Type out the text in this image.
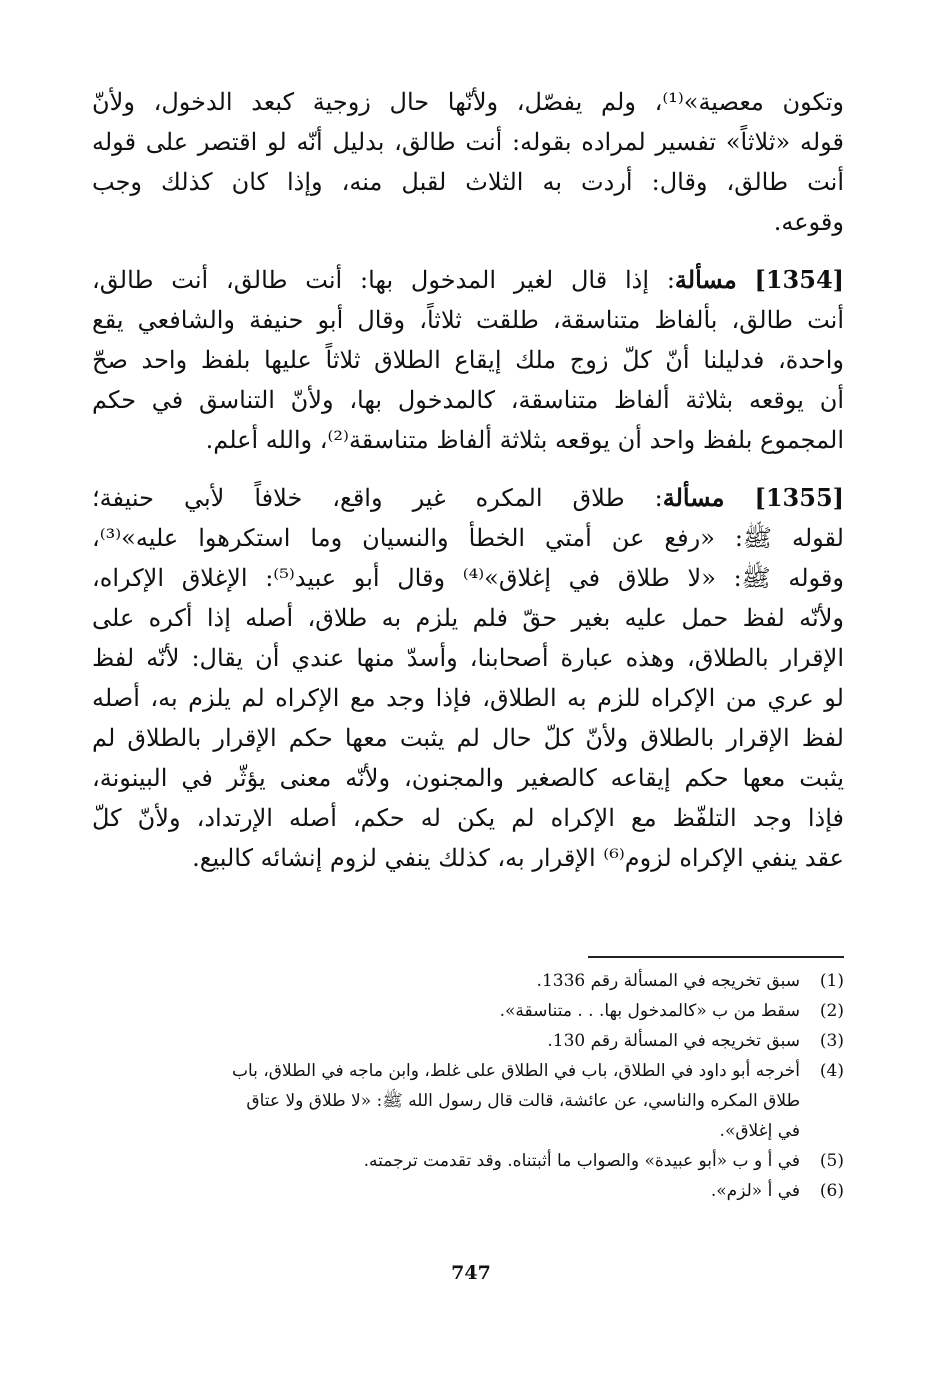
وتكون معصية»⁽¹⁾، ولم يفصّل، ولأنّها حال زوجية كبعد الدخول، ولأنّ
قوله «ثلاثاً» تفسير لمراده بقوله: أنت طالق، بدليل أنّه لو اقتصر على قوله
أنت طالق، وقال: أردت به الثلاث لقبل منه، وإذا كان كذلك وجب
وقوعه.

[1354] مسألة: إذا قال لغير المدخول بها: أنت طالق، أنت طالق،
أنت طالق، بألفاظ متناسقة، طلقت ثلاثاً، وقال أبو حنيفة والشافعي يقع
واحدة، فدليلنا أنّ كلّ زوج ملك إيقاع الطلاق ثلاثاً عليها بلفظ واحد صحّ
أن يوقعه بثلاثة ألفاظ متناسقة، كالمدخول بها، ولأنّ التناسق في حكم
المجموع بلفظ واحد أن يوقعه بثلاثة ألفاظ متناسقة⁽²⁾، والله أعلم.

[1355] مسألة: طلاق المكره غير واقع، خلافاً لأبي حنيفة؛
لقوله ﷺ: «رفع عن أمتي الخطأ والنسيان وما استكرهوا عليه»⁽³⁾،
وقوله ﷺ: «لا طلاق في إغلاق»⁽⁴⁾ وقال أبو عبيد⁽⁵⁾: الإغلاق الإكراه،
ولأنّه لفظ حمل عليه بغير حقّ فلم يلزم به طلاق، أصله إذا أكره على
الإقرار بالطلاق، وهذه عبارة أصحابنا، وأسدّ منها عندي أن يقال: لأنّه لفظ
لو عري من الإكراه للزم به الطلاق، فإذا وجد مع الإكراه لم يلزم به، أصله
لفظ الإقرار بالطلاق ولأنّ كلّ حال لم يثبت معها حكم الإقرار بالطلاق لم
يثبت معها حكم إيقاعه كالصغير والمجنون، ولأنّه معنى يؤثّر في البينونة،
فإذا وجد التلفّظ مع الإكراه لم يكن له حكم، أصله الإرتداد، ولأنّ كلّ
عقد ينفي الإكراه لزوم⁽⁶⁾ الإقرار به، كذلك ينفي لزوم إنشائه كالبيع.

(1)
سبق تخريجه في المسألة رقم 1336.
(2)
سقط من ب «كالمدخول بها. . . متناسقة».
(3)
سبق تخريجه في المسألة رقم 130.
(4)
أخرجه أبو داود في الطلاق، باب في الطلاق على غلط، وابن ماجه في الطلاق، باب
طلاق المكره والناسي، عن عائشة، قالت قال رسول الله ﷺ: «لا طلاق ولا عتاق
في إغلاق».
(5)
في أ و ب «أبو عبيدة» والصواب ما أثبتناه. وقد تقدمت ترجمته.
(6)
في أ «لزم».
747
